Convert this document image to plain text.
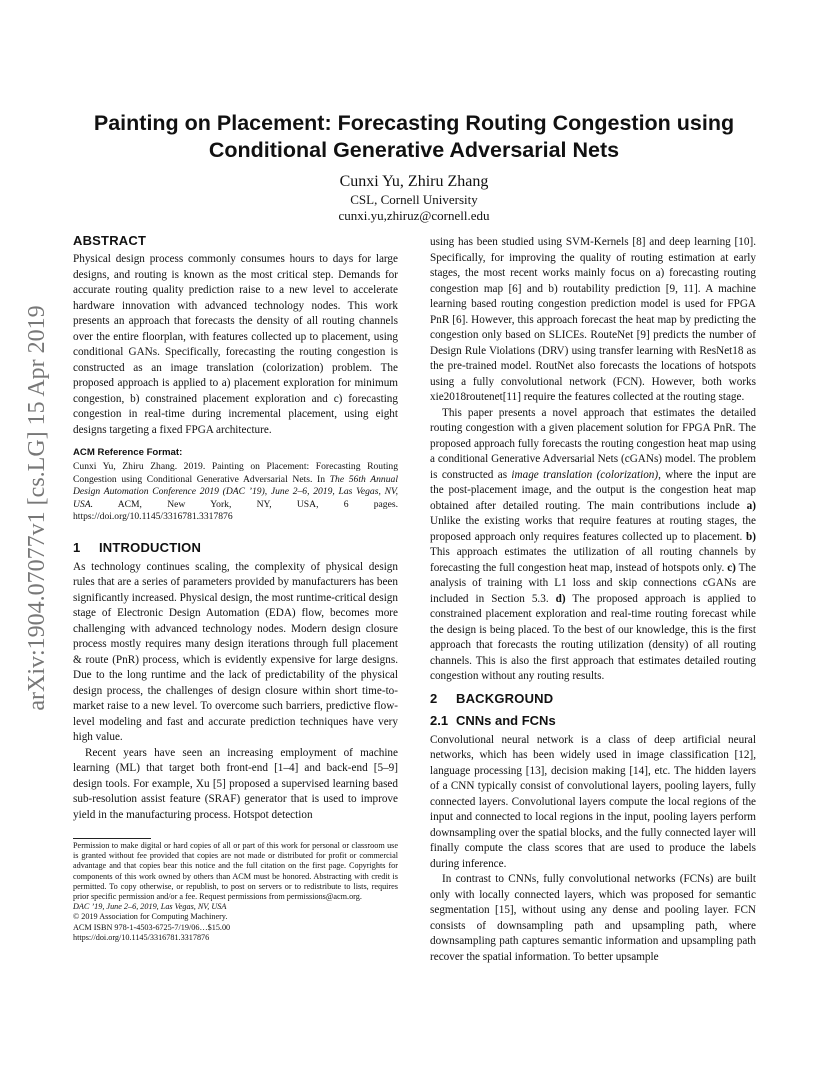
arXiv:1904.07077v1 [cs.LG] 15 Apr 2019
Painting on Placement: Forecasting Routing Congestion using
Conditional Generative Adversarial Nets

Cunxi Yu, Zhiru Zhang

CSL, Cornell University

cunxi.yu,zhiruz@cornell.edu

ABSTRACT

Physical design process commonly consumes hours to days for large designs, and routing is known as the most critical step. Demands for accurate routing quality prediction raise to a new level to accelerate hardware innovation with advanced technology nodes. This work presents an approach that forecasts the density of all routing channels over the entire floorplan, with features collected up to placement, using conditional GANs. Specifically, forecasting the routing congestion is constructed as an image translation (colorization) problem. The proposed approach is applied to a) placement exploration for minimum congestion, b) constrained placement exploration and c) forecasting congestion in real-time during incremental placement, using eight designs targeting a fixed FPGA architecture.

ACM Reference Format:

Cunxi Yu, Zhiru Zhang. 2019. Painting on Placement: Forecasting Routing Congestion using Conditional Generative Adversarial Nets. In The 56th Annual Design Automation Conference 2019 (DAC ’19), June 2–6, 2019, Las Vegas, NV, USA. ACM, New York, NY, USA, 6 pages. https://doi.org/10.1145/3316781.3317876

1 INTRODUCTION

As technology continues scaling, the complexity of physical design rules that are a series of parameters provided by manufacturers has been significantly increased. Physical design, the most runtime-critical design stage of Electronic Design Automation (EDA) flow, becomes more challenging with advanced technology nodes. Modern design closure process mostly requires many design iterations through full placement & route (PnR) process, which is evidently expensive for large designs. Due to the long runtime and the lack of predictability of the physical design process, the challenges of design closure within short time-to-market raise to a new level. To overcome such barriers, predictive flow-level modeling and fast and accurate prediction techniques have very high value.

Recent years have seen an increasing employment of machine learning (ML) that target both front-end [1–4] and back-end [5–9] design tools. For example, Xu [5] proposed a supervised learning based sub-resolution assist feature (SRAF) generator that is used to improve yield in the manufacturing process. Hotspot detection

Permission to make digital or hard copies of all or part of this work for personal or classroom use is granted without fee provided that copies are not made or distributed for profit or commercial advantage and that copies bear this notice and the full citation on the first page. Copyrights for components of this work owned by others than ACM must be honored. Abstracting with credit is permitted. To copy otherwise, or republish, to post on servers or to redistribute to lists, requires prior specific permission and/or a fee. Request permissions from permissions@acm.org.

DAC ’19, June 2–6, 2019, Las Vegas, NV, USA

© 2019 Association for Computing Machinery.

ACM ISBN 978-1-4503-6725-7/19/06…$15.00

https://doi.org/10.1145/3316781.3317876

using has been studied using SVM-Kernels [8] and deep learning [10]. Specifically, for improving the quality of routing estimation at early stages, the most recent works mainly focus on a) forecasting routing congestion map [6] and b) routability prediction [9, 11]. A machine learning based routing congestion prediction model is used for FPGA PnR [6]. However, this approach forecast the heat map by predicting the congestion only based on SLICEs. RouteNet [9] predicts the number of Design Rule Violations (DRV) using transfer learning with ResNet18 as the pre-trained model. RoutNet also forecasts the locations of hotspots using a fully convolutional network (FCN). However, both works xie2018routenet[11] require the features collected at the routing stage.

This paper presents a novel approach that estimates the detailed routing congestion with a given placement solution for FPGA PnR. The proposed approach fully forecasts the routing congestion heat map using a conditional Generative Adversarial Nets (cGANs) model. The problem is constructed as image translation (colorization), where the input are the post-placement image, and the output is the congestion heat map obtained after detailed routing. The main contributions include a) Unlike the existing works that require features at routing stages, the proposed approach only requires features collected up to placement. b) This approach estimates the utilization of all routing channels by forecasting the full congestion heat map, instead of hotspots only. c) The analysis of training with L1 loss and skip connections cGANs are included in Section 5.3. d) The proposed approach is applied to constrained placement exploration and real-time routing forecast while the design is being placed. To the best of our knowledge, this is the first approach that forecasts the routing utilization (density) of all routing channels. This is also the first approach that estimates detailed routing congestion without any routing results.

2 BACKGROUND
2.1 CNNs and FCNs

Convolutional neural network is a class of deep artificial neural networks, which has been widely used in image classification [12], language processing [13], decision making [14], etc. The hidden layers of a CNN typically consist of convolutional layers, pooling layers, fully connected layers. Convolutional layers compute the local regions of the input and connected to local regions in the input, pooling layers perform downsampling over the spatial blocks, and the fully connected layer will finally compute the class scores that are used to produce the labels during inference.

In contrast to CNNs, fully convolutional networks (FCNs) are built only with locally connected layers, which was proposed for semantic segmentation [15], without using any dense and pooling layer. FCN consists of downsampling path and upsampling path, where downsampling path captures semantic information and upsampling path recover the spatial information. To better upsample
